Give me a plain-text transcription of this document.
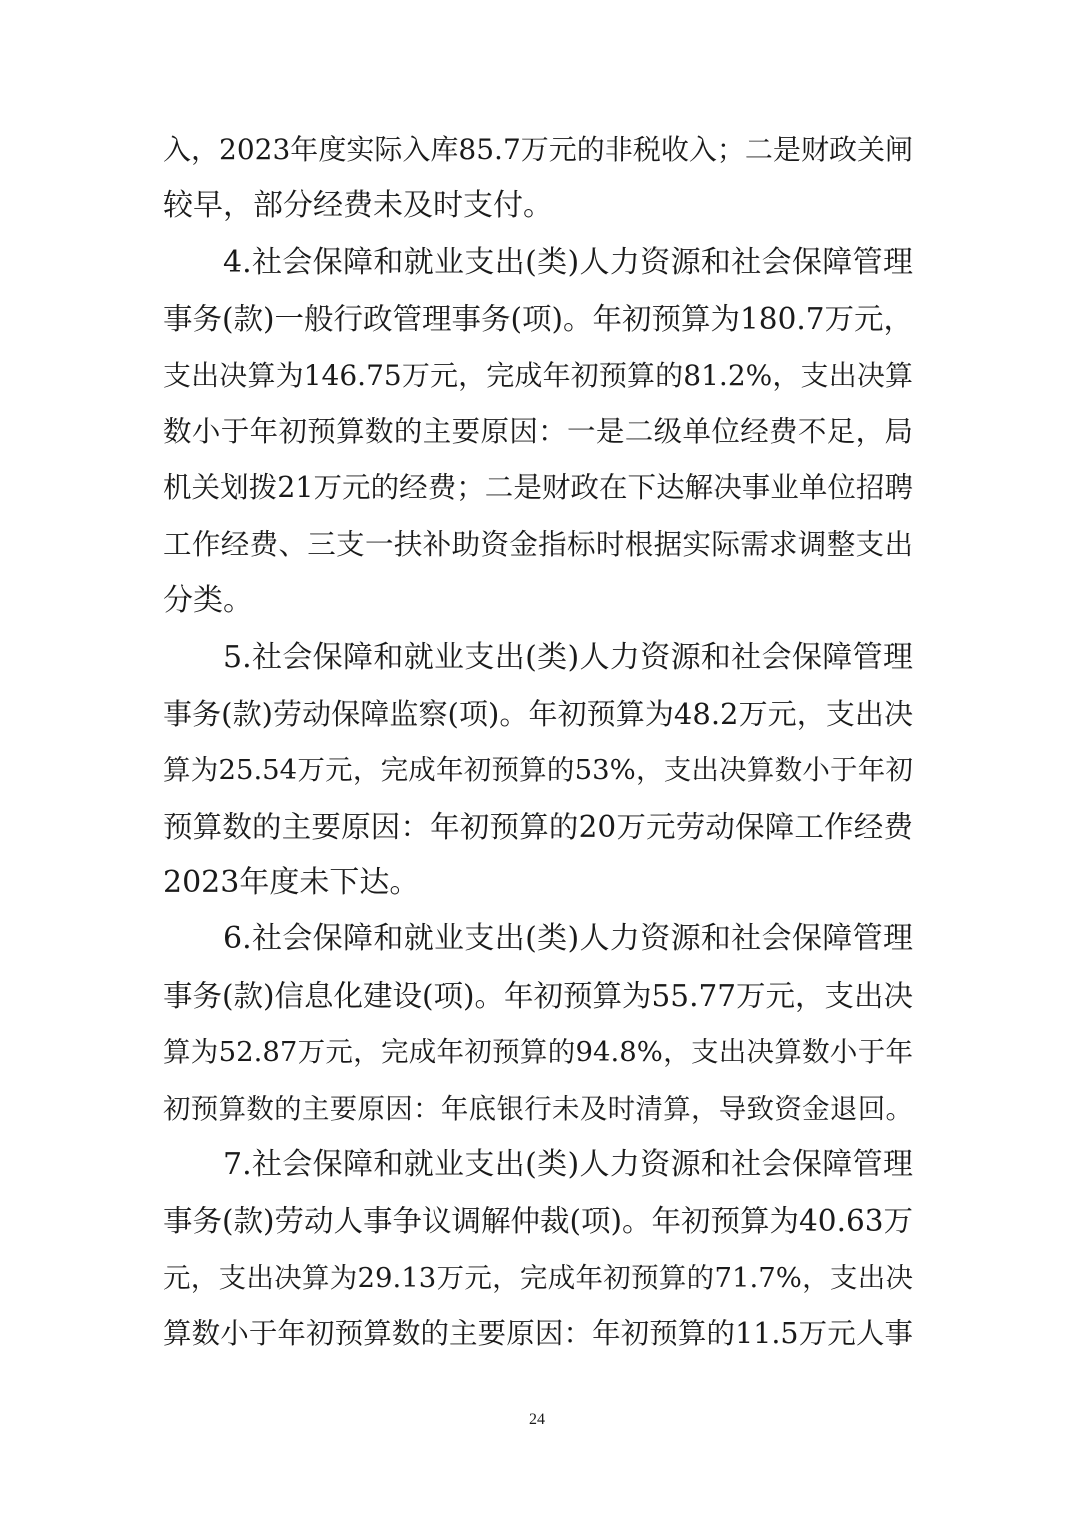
入，2023年度实际入库85.7万元的非税收入；二是财政关闸
较早，部分经费未及时支付。
4.社会保障和就业支出(类)人力资源和社会保障管理
事务(款)一般行政管理事务(项)。年初预算为180.7万元，
支出决算为146.75万元，完成年初预算的81.2%，支出决算
数小于年初预算数的主要原因：一是二级单位经费不足，局
机关划拨21万元的经费；二是财政在下达解决事业单位招聘
工作经费、三支一扶补助资金指标时根据实际需求调整支出
分类。
5.社会保障和就业支出(类)人力资源和社会保障管理
事务(款)劳动保障监察(项)。年初预算为48.2万元，支出决
算为25.54万元，完成年初预算的53%，支出决算数小于年初
预算数的主要原因：年初预算的20万元劳动保障工作经费
2023年度未下达。
6.社会保障和就业支出(类)人力资源和社会保障管理
事务(款)信息化建设(项)。年初预算为55.77万元，支出决
算为52.87万元，完成年初预算的94.8%，支出决算数小于年
初预算数的主要原因：年底银行未及时清算，导致资金退回。
7.社会保障和就业支出(类)人力资源和社会保障管理
事务(款)劳动人事争议调解仲裁(项)。年初预算为40.63万
元，支出决算为29.13万元，完成年初预算的71.7%，支出决
算数小于年初预算数的主要原因：年初预算的11.5万元人事
24
